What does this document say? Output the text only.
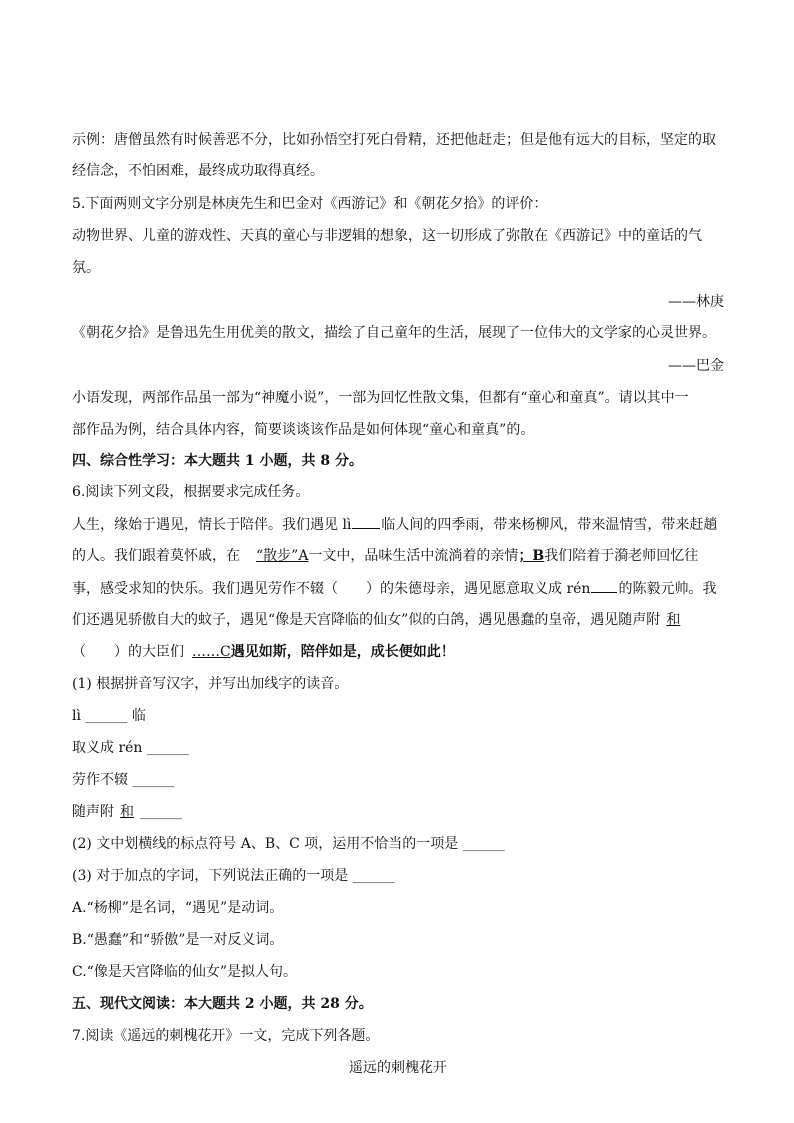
示例：唐僧虽然有时候善恶不分，比如孙悟空打死白骨精，还把他赶走；但是他有远大的目标，坚定的取
经信念，不怕困难，最终成功取得真经。
5.下面两则文字分别是林庚先生和巴金对《西游记》和《朝花夕拾》的评价：
动物世界、儿童的游戏性、天真的童心与非逻辑的想象，这一切形成了弥散在《西游记》中的童话的气
氛。
——林庚
《朝花夕拾》是鲁迅先生用优美的散文，描绘了自己童年的生活，展现了一位伟大的文学家的心灵世界。
——巴金
小语发现，两部作品虽一部为“神魔小说”，一部为回忆性散文集，但都有“童心和童真”。请以其中一
部作品为例，结合具体内容，简要谈谈该作品是如何体现“童心和童真”的。
四、综合性学习：本大题共 1 小题，共 8 分。
6.阅读下列文段，根据要求完成任务。
人生，缘始于遇见，情长于陪伴。我们遇见 lì 临人间的四季雨，带来杨柳风，带来温情雪，带来赶趟
的人。我们跟着莫怀戚，在 “散步”A一文中，品味生活中流淌着的亲情；B我们陪着于漪老师回忆往
事，感受求知的快乐。我们遇见劳作不辍（　　）的朱德母亲，遇见愿意取义成 rén 的陈毅元帅。我
们还遇见骄傲自大的蚊子，遇见“像是天宫降临的仙女”似的白鸽，遇见愚蠢的皇帝，遇见随声附 和
（　　）的大臣们 ……C遇见如斯，陪伴如是，成长便如此！
(1) 根据拼音写汉字，并写出加线字的读音。
lì ______ 临
取义成 rén ______
劳作不辍 ______
随声附 和 ______
(2) 文中划横线的标点符号 A、B、C 项，运用不恰当的一项是 ______
(3) 对于加点的字词，下列说法正确的一项是 ______
A.“杨柳”是名词，“遇见”是动词。
B.“愚蠢”和“骄傲”是一对反义词。
C.“像是天宫降临的仙女”是拟人句。
五、现代文阅读：本大题共 2 小题，共 28 分。
7.阅读《遥远的刺槐花开》一文，完成下列各题。
遥远的刺槐花开
